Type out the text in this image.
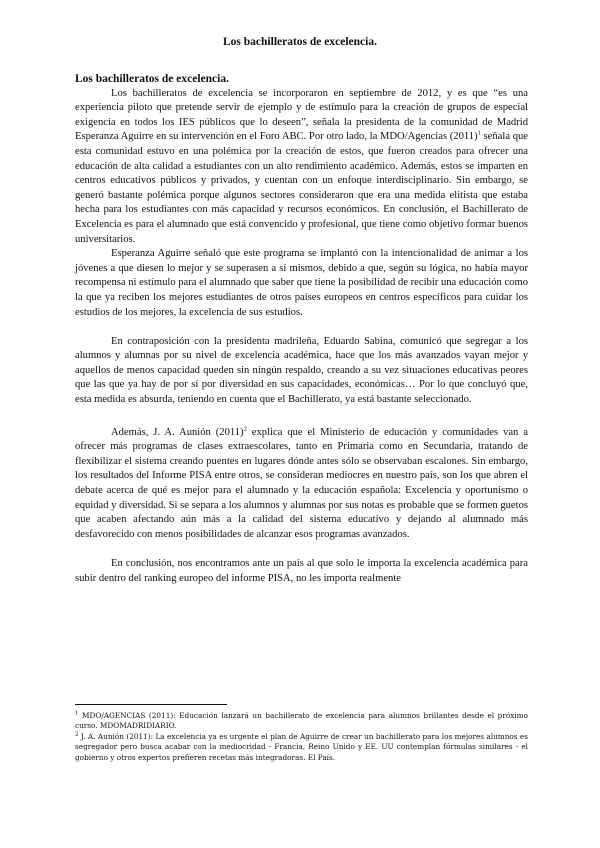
Los bachilleratos de excelencia.

Los bachilleratos de excelencia.

Los bachilleratos de excelencia se incorporaron en septiembre de 2012, y es que “es una experiencia piloto que pretende servir de ejemplo y de estímulo para la creación de grupos de especial exigencia en todos los IES públicos que lo deseen”, señala la presidenta de la comunidad de Madrid Esperanza Aguirre en su intervención en el Foro ABC. Por otro lado, la MDO/Agencias $(2011)^1$ señala que esta comunidad estuvo en una polémica por la creación de estos, que fueron creados para ofrecer una educación de alta calidad a estudiantes con un alto rendimiento académico. Además, estos se imparten en centros educativos públicos y privados, y cuentan con un enfoque interdisciplinario. Sin embargo, se generó bastante polémica porque algunos sectores consideraron que era una medida elitista que estaba hecha para los estudiantes con más capacidad y recursos económicos. En conclusión, el Bachillerato de Excelencia es para el alumnado que está convencido y profesional, que tiene como objetivo formar buenos universitarios.

Esperanza Aguirre señaló que este programa se implantó con la intencionalidad de animar a los jóvenes a que diesen lo mejor y se superasen a sí mismos, debido a que, según su lógica, no había mayor recompensa ni estímulo para el alumnado que saber que tiene la posibilidad de recibir una educación como la que ya reciben los mejores estudiantes de otros países europeos en centros específicos para cuidar los estudios de los mejores, la excelencia de sus estudios.

En contraposición con la presidenta madrileña, Eduardo Sabina, comunicó que segregar a los alumnos y alumnas por su nivel de excelencia académica, hace que los más avanzados vayan mejor y aquellos de menos capacidad queden sin ningún respaldo, creando a su vez situaciones educativas peores que las que ya hay de por sí por diversidad en sus capacidades, económicas… Por lo que concluyó que, esta medida es absurda, teniendo en cuenta que el Bachillerato, ya está bastante seleccionado.

Además, J. A. Aunión $(2011)^2$ explica que el Ministerio de educación y comunidades van a ofrecer más programas de clases extraescolares, tanto en Primaria como en Secundaria, tratando de flexibilizar el sistema creando puentes en lugares dónde antes sólo se observaban escalones. Sin embargo, los resultados del Informe PISA entre otros, se consideran mediocres en nuestro país, son los que abren el debate acerca de qué es mejor para el alumnado y la educación española: Excelencia y oportunismo o equidad y diversidad. Si se separa a los alumnos y alumnas por sus notas es probable que se formen guetos que acaben afectando aún más a la calidad del sistema educativo y dejando al alumnado más desfavorecido con menos posibilidades de alcanzar esos programas avanzados.

En conclusión, nos encontramos ante un país al que solo le importa la excelencia académica para subir dentro del ranking europeo del informe PISA, no les importa realmente

$^1$ MDO/AGENCIAS (2011): Educación lanzará un bachillerato de excelencia para alumnos brillantes desde el próximo curso. MDOMADRIDIARIO.

$^2$ J. A. Aunión (2011): La excelencia ya es urgente el plan de Aguirre de crear un bachillerato para los mejores alumnos es segregador pero busca acabar con la mediocridad - Francia, Reino Unido y EE. UU contemplan fórmulas similares - el gobierno y otros expertos prefieren recetas más integradoras. El País.
